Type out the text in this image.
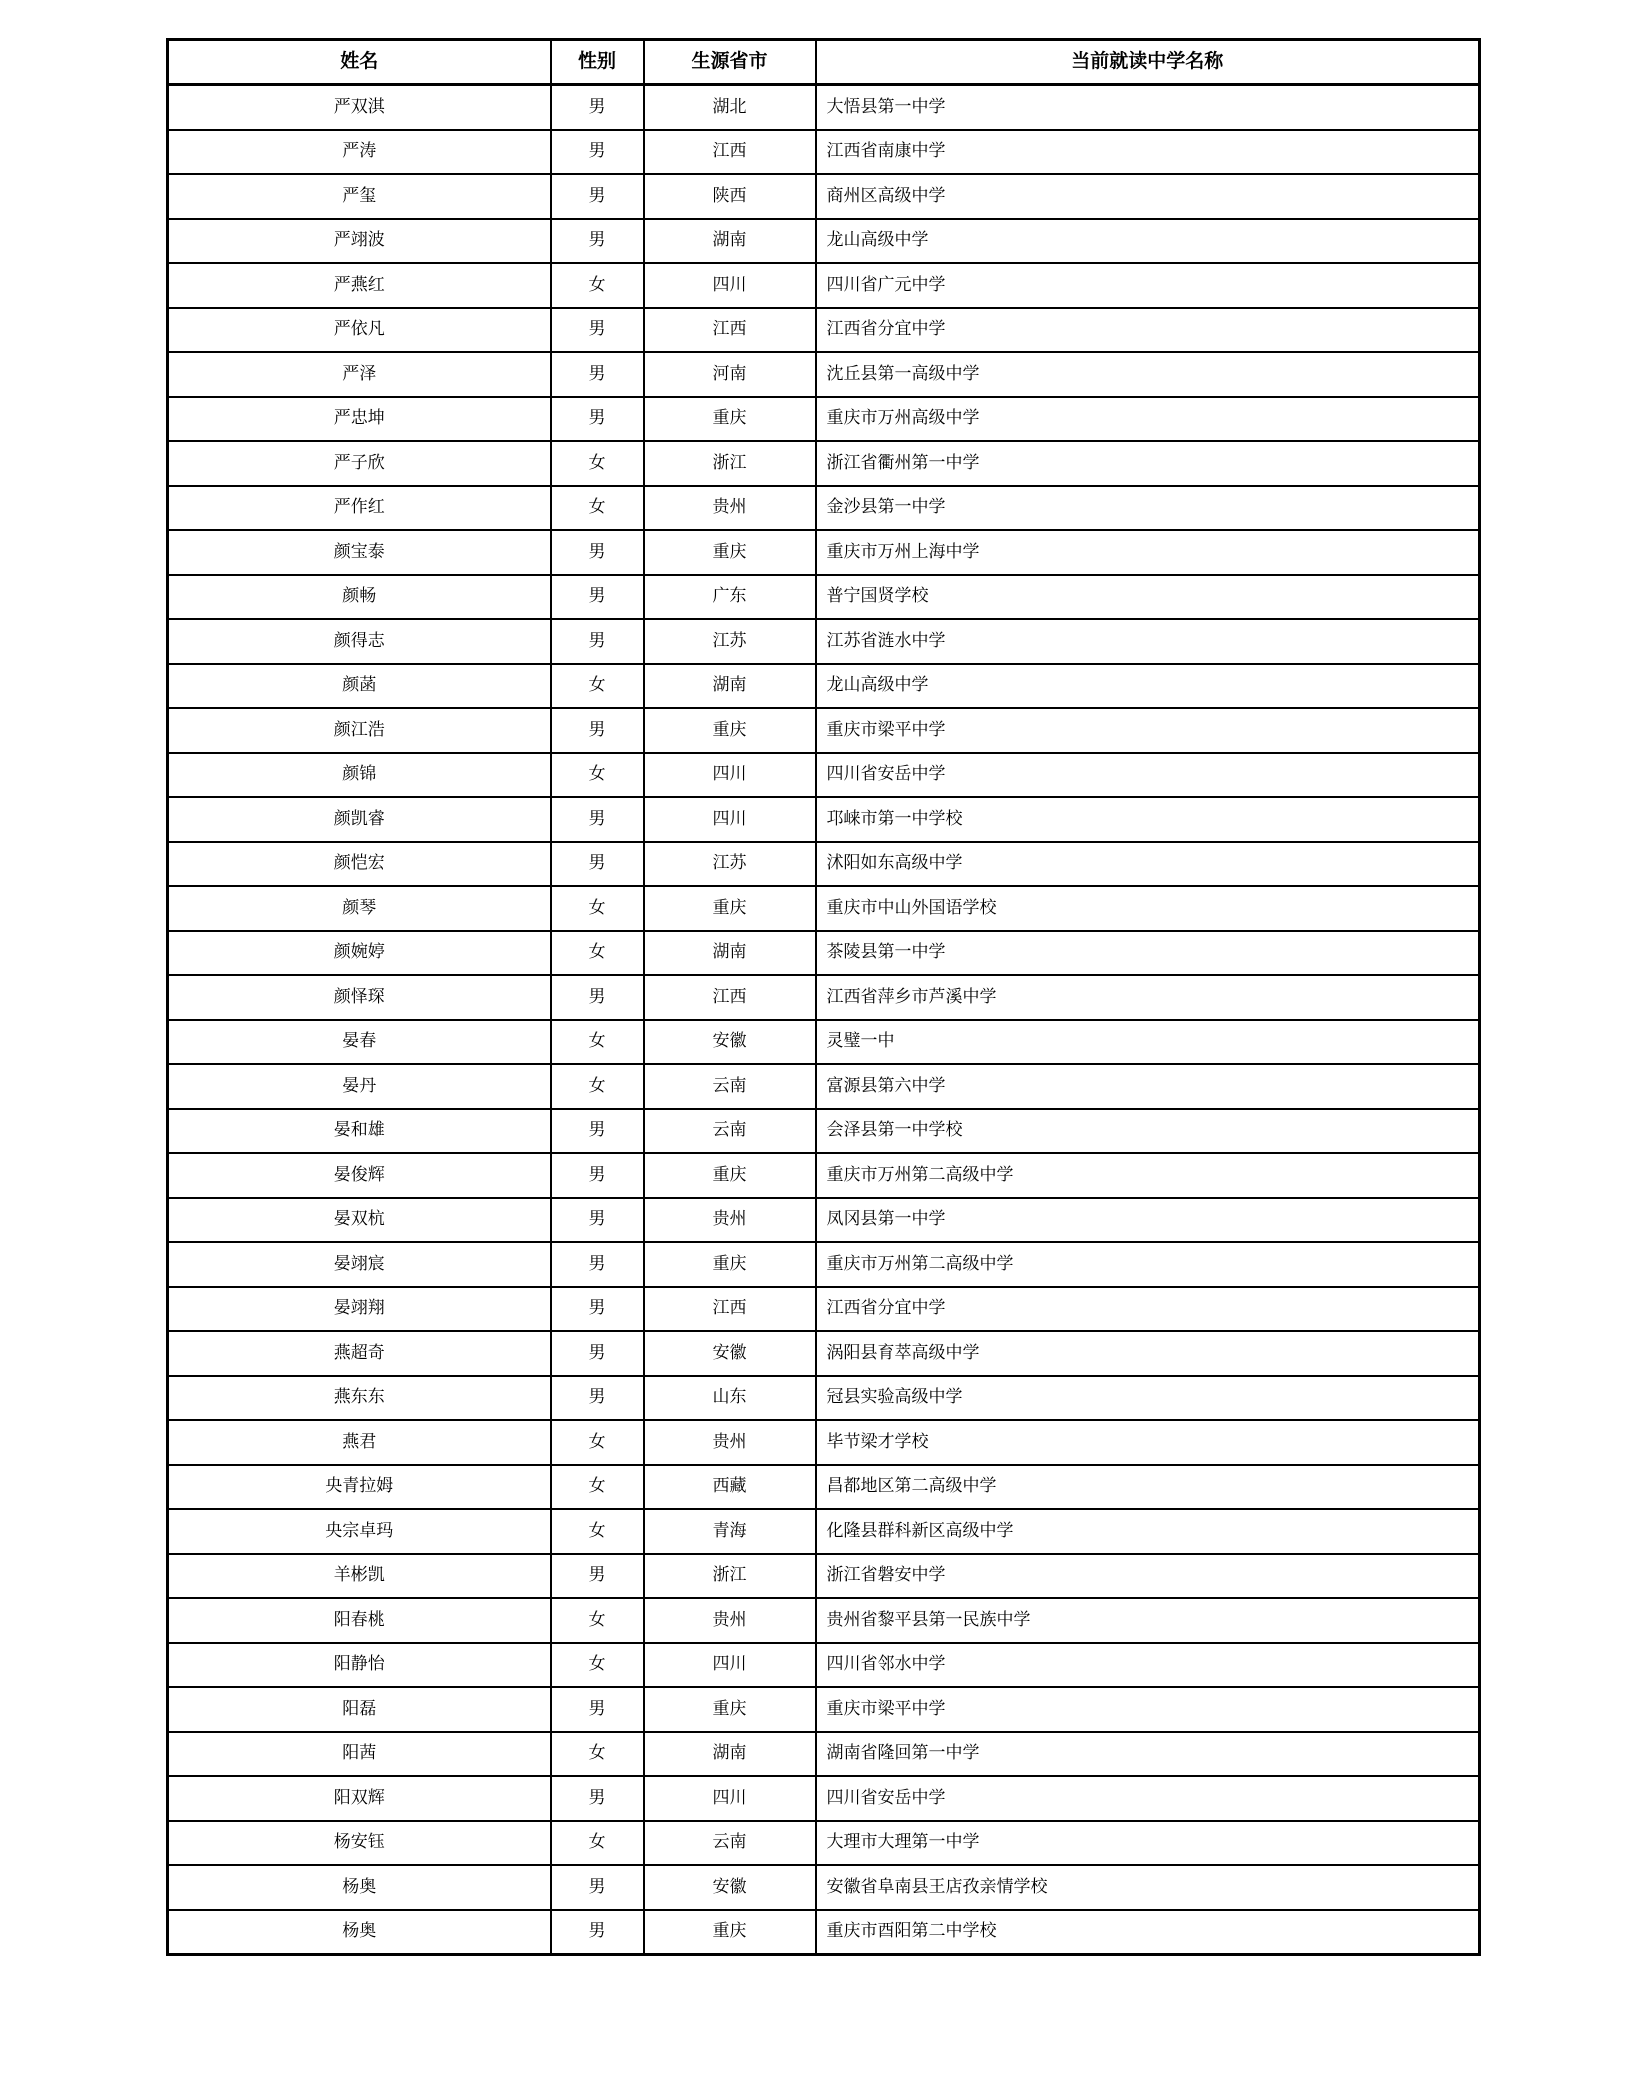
姓名	性别	生源省市	当前就读中学名称
严双淇	男	湖北	大悟县第一中学
严涛	男	江西	江西省南康中学
严玺	男	陕西	商州区高级中学
严翊波	男	湖南	龙山高级中学
严燕红	女	四川	四川省广元中学
严依凡	男	江西	江西省分宜中学
严泽	男	河南	沈丘县第一高级中学
严忠坤	男	重庆	重庆市万州高级中学
严子欣	女	浙江	浙江省衢州第一中学
严作红	女	贵州	金沙县第一中学
颜宝泰	男	重庆	重庆市万州上海中学
颜畅	男	广东	普宁国贤学校
颜得志	男	江苏	江苏省涟水中学
颜菡	女	湖南	龙山高级中学
颜江浩	男	重庆	重庆市梁平中学
颜锦	女	四川	四川省安岳中学
颜凯睿	男	四川	邛崃市第一中学校
颜恺宏	男	江苏	沭阳如东高级中学
颜琴	女	重庆	重庆市中山外国语学校
颜婉婷	女	湖南	茶陵县第一中学
颜怿琛	男	江西	江西省萍乡市芦溪中学
晏春	女	安徽	灵璧一中
晏丹	女	云南	富源县第六中学
晏和雄	男	云南	会泽县第一中学校
晏俊辉	男	重庆	重庆市万州第二高级中学
晏双杭	男	贵州	凤冈县第一中学
晏翊宸	男	重庆	重庆市万州第二高级中学
晏翊翔	男	江西	江西省分宜中学
燕超奇	男	安徽	涡阳县育萃高级中学
燕东东	男	山东	冠县实验高级中学
燕君	女	贵州	毕节梁才学校
央青拉姆	女	西藏	昌都地区第二高级中学
央宗卓玛	女	青海	化隆县群科新区高级中学
羊彬凯	男	浙江	浙江省磐安中学
阳春桃	女	贵州	贵州省黎平县第一民族中学
阳静怡	女	四川	四川省邻水中学
阳磊	男	重庆	重庆市梁平中学
阳茜	女	湖南	湖南省隆回第一中学
阳双辉	男	四川	四川省安岳中学
杨安钰	女	云南	大理市大理第一中学
杨奥	男	安徽	安徽省阜南县王店孜亲情学校
杨奥	男	重庆	重庆市酉阳第二中学校
